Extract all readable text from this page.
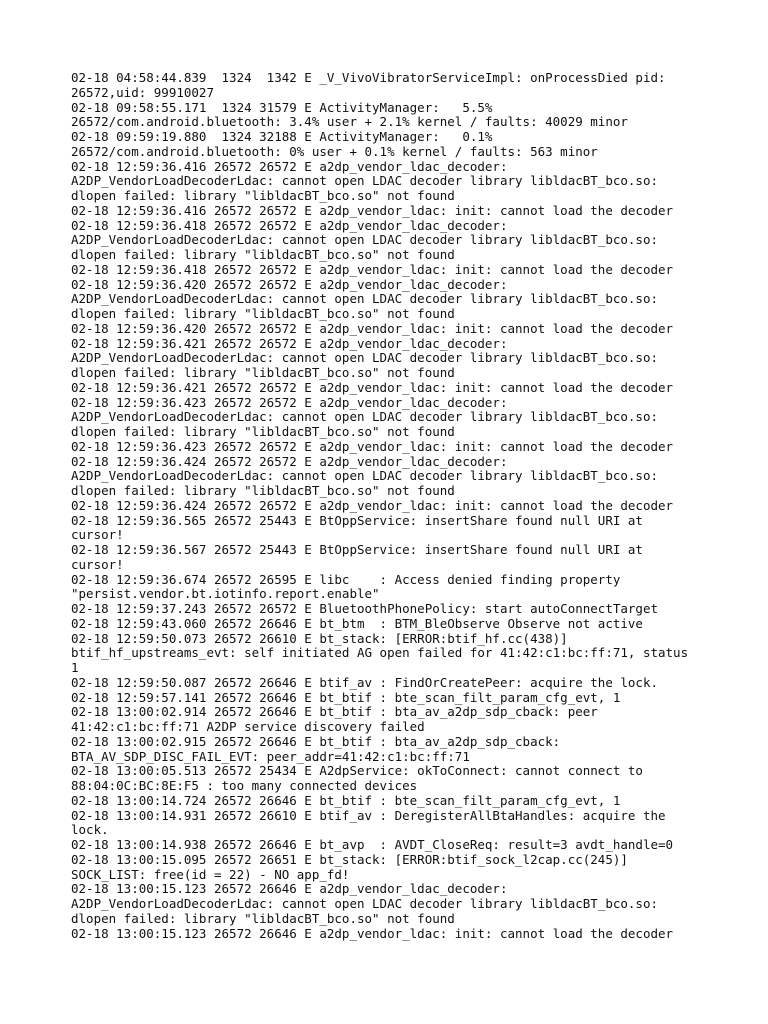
02-18 04:58:44.839  1324  1342 E _V_VivoVibratorServiceImpl: onProcessDied pid:
26572,uid: 99910027
02-18 09:58:55.171  1324 31579 E ActivityManager:   5.5%
26572/com.android.bluetooth: 3.4% user + 2.1% kernel / faults: 40029 minor
02-18 09:59:19.880  1324 32188 E ActivityManager:   0.1%
26572/com.android.bluetooth: 0% user + 0.1% kernel / faults: 563 minor
02-18 12:59:36.416 26572 26572 E a2dp_vendor_ldac_decoder:
A2DP_VendorLoadDecoderLdac: cannot open LDAC decoder library libldacBT_bco.so:
dlopen failed: library "libldacBT_bco.so" not found
02-18 12:59:36.416 26572 26572 E a2dp_vendor_ldac: init: cannot load the decoder
02-18 12:59:36.418 26572 26572 E a2dp_vendor_ldac_decoder:
A2DP_VendorLoadDecoderLdac: cannot open LDAC decoder library libldacBT_bco.so:
dlopen failed: library "libldacBT_bco.so" not found
02-18 12:59:36.418 26572 26572 E a2dp_vendor_ldac: init: cannot load the decoder
02-18 12:59:36.420 26572 26572 E a2dp_vendor_ldac_decoder:
A2DP_VendorLoadDecoderLdac: cannot open LDAC decoder library libldacBT_bco.so:
dlopen failed: library "libldacBT_bco.so" not found
02-18 12:59:36.420 26572 26572 E a2dp_vendor_ldac: init: cannot load the decoder
02-18 12:59:36.421 26572 26572 E a2dp_vendor_ldac_decoder:
A2DP_VendorLoadDecoderLdac: cannot open LDAC decoder library libldacBT_bco.so:
dlopen failed: library "libldacBT_bco.so" not found
02-18 12:59:36.421 26572 26572 E a2dp_vendor_ldac: init: cannot load the decoder
02-18 12:59:36.423 26572 26572 E a2dp_vendor_ldac_decoder:
A2DP_VendorLoadDecoderLdac: cannot open LDAC decoder library libldacBT_bco.so:
dlopen failed: library "libldacBT_bco.so" not found
02-18 12:59:36.423 26572 26572 E a2dp_vendor_ldac: init: cannot load the decoder
02-18 12:59:36.424 26572 26572 E a2dp_vendor_ldac_decoder:
A2DP_VendorLoadDecoderLdac: cannot open LDAC decoder library libldacBT_bco.so:
dlopen failed: library "libldacBT_bco.so" not found
02-18 12:59:36.424 26572 26572 E a2dp_vendor_ldac: init: cannot load the decoder
02-18 12:59:36.565 26572 25443 E BtOppService: insertShare found null URI at
cursor!
02-18 12:59:36.567 26572 25443 E BtOppService: insertShare found null URI at
cursor!
02-18 12:59:36.674 26572 26595 E libc    : Access denied finding property
"persist.vendor.bt.iotinfo.report.enable"
02-18 12:59:37.243 26572 26572 E BluetoothPhonePolicy: start autoConnectTarget
02-18 12:59:43.060 26572 26646 E bt_btm  : BTM_BleObserve Observe not active
02-18 12:59:50.073 26572 26610 E bt_stack: [ERROR:btif_hf.cc(438)]
btif_hf_upstreams_evt: self initiated AG open failed for 41:42:c1:bc:ff:71, status
1
02-18 12:59:50.087 26572 26646 E btif_av : FindOrCreatePeer: acquire the lock.
02-18 12:59:57.141 26572 26646 E bt_btif : bte_scan_filt_param_cfg_evt, 1
02-18 13:00:02.914 26572 26646 E bt_btif : bta_av_a2dp_sdp_cback: peer
41:42:c1:bc:ff:71 A2DP service discovery failed
02-18 13:00:02.915 26572 26646 E bt_btif : bta_av_a2dp_sdp_cback:
BTA_AV_SDP_DISC_FAIL_EVT: peer_addr=41:42:c1:bc:ff:71
02-18 13:00:05.513 26572 25434 E A2dpService: okToConnect: cannot connect to
88:04:0C:BC:8E:F5 : too many connected devices
02-18 13:00:14.724 26572 26646 E bt_btif : bte_scan_filt_param_cfg_evt, 1
02-18 13:00:14.931 26572 26610 E btif_av : DeregisterAllBtaHandles: acquire the
lock.
02-18 13:00:14.938 26572 26646 E bt_avp  : AVDT_CloseReq: result=3 avdt_handle=0
02-18 13:00:15.095 26572 26651 E bt_stack: [ERROR:btif_sock_l2cap.cc(245)]
SOCK_LIST: free(id = 22) - NO app_fd!
02-18 13:00:15.123 26572 26646 E a2dp_vendor_ldac_decoder:
A2DP_VendorLoadDecoderLdac: cannot open LDAC decoder library libldacBT_bco.so:
dlopen failed: library "libldacBT_bco.so" not found
02-18 13:00:15.123 26572 26646 E a2dp_vendor_ldac: init: cannot load the decoder
